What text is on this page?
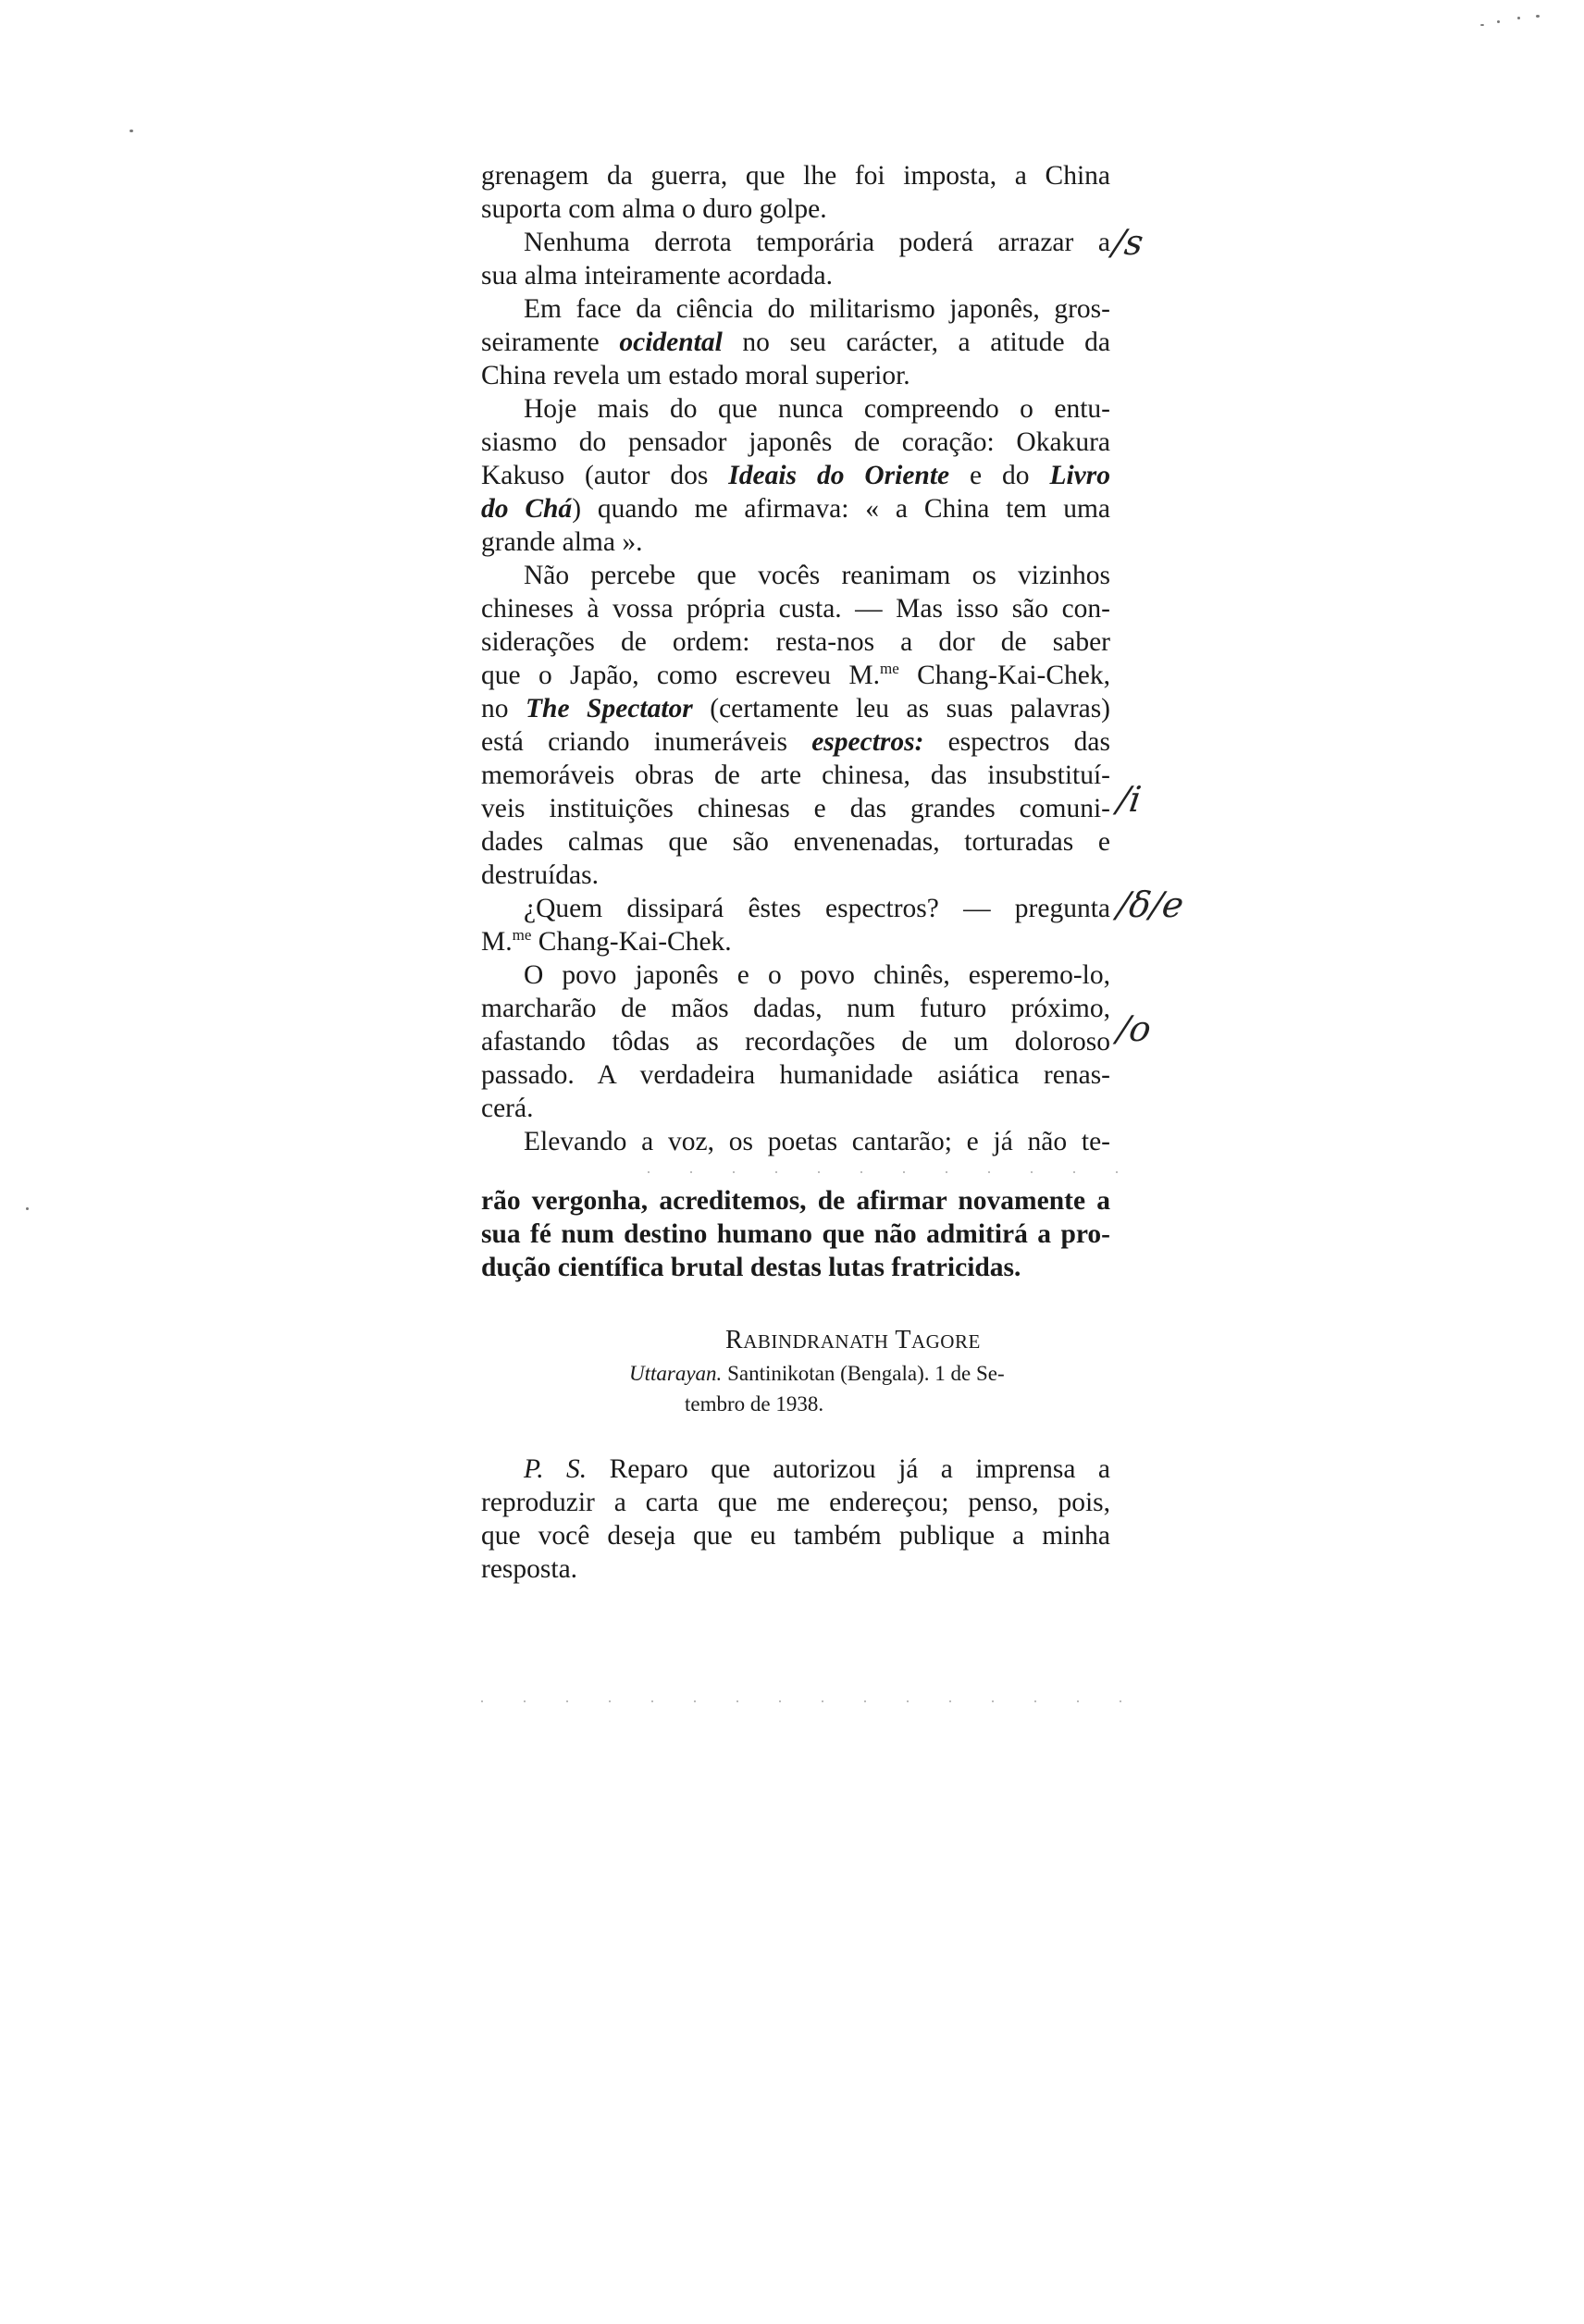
grenagem da guerra, que lhe foi imposta, a China
suporta com alma o duro golpe.
Nenhuma derrota temporária poderá arrazar a
sua alma inteiramente acordada.
Em face da ciência do militarismo japonês, gros-
seiramente ocidental no seu carácter, a atitude da
China revela um estado moral superior.
Hoje mais do que nunca compreendo o entu-
siasmo do pensador japonês de coração: Okakura
Kakuso (autor dos Ideais do Oriente e do Livro
do Chá) quando me afirmava: « a China tem uma
grande alma ».
Não percebe que vocês reanimam os vizinhos
chineses à vossa própria custa. — Mas isso são con-
siderações de ordem: resta-nos a dor de saber
que o Japão, como escreveu M.$^{me}$ Chang-Kai-Chek,
no The Spectator (certamente leu as suas palavras)
está criando inumeráveis espectros: espectros das
memoráveis obras de arte chinesa, das insubstituí-
veis instituições chinesas e das grandes comuni-
dades calmas que são envenenadas, torturadas e
destruídas.
¿Quem dissipará êstes espectros? — pregunta
M.$^{me}$ Chang-Kai-Chek.
O povo japonês e o povo chinês, esperemo-lo,
marcharão de mãos dadas, num futuro próximo,
afastando tôdas as recordações de um doloroso
passado. A verdadeira humanidade asiática renas-
cerá.
Elevando a voz, os poetas cantarão; e já não te-
rão vergonha, acreditemos, de afirmar novamente a
sua fé num destino humano que não admitirá a pro-
dução científica brutal destas lutas fratricidas.
RABINDRANATH TAGORE
Uttarayan. Santinikotan (Bengala). 1 de Se-
tembro de 1938.
P. S. Reparo que autorizou já a imprensa a
reproduzir a carta que me endereçou; penso, pois,
que você deseja que eu também publique a minha
resposta.
/s
/i
/δ/e
/o
